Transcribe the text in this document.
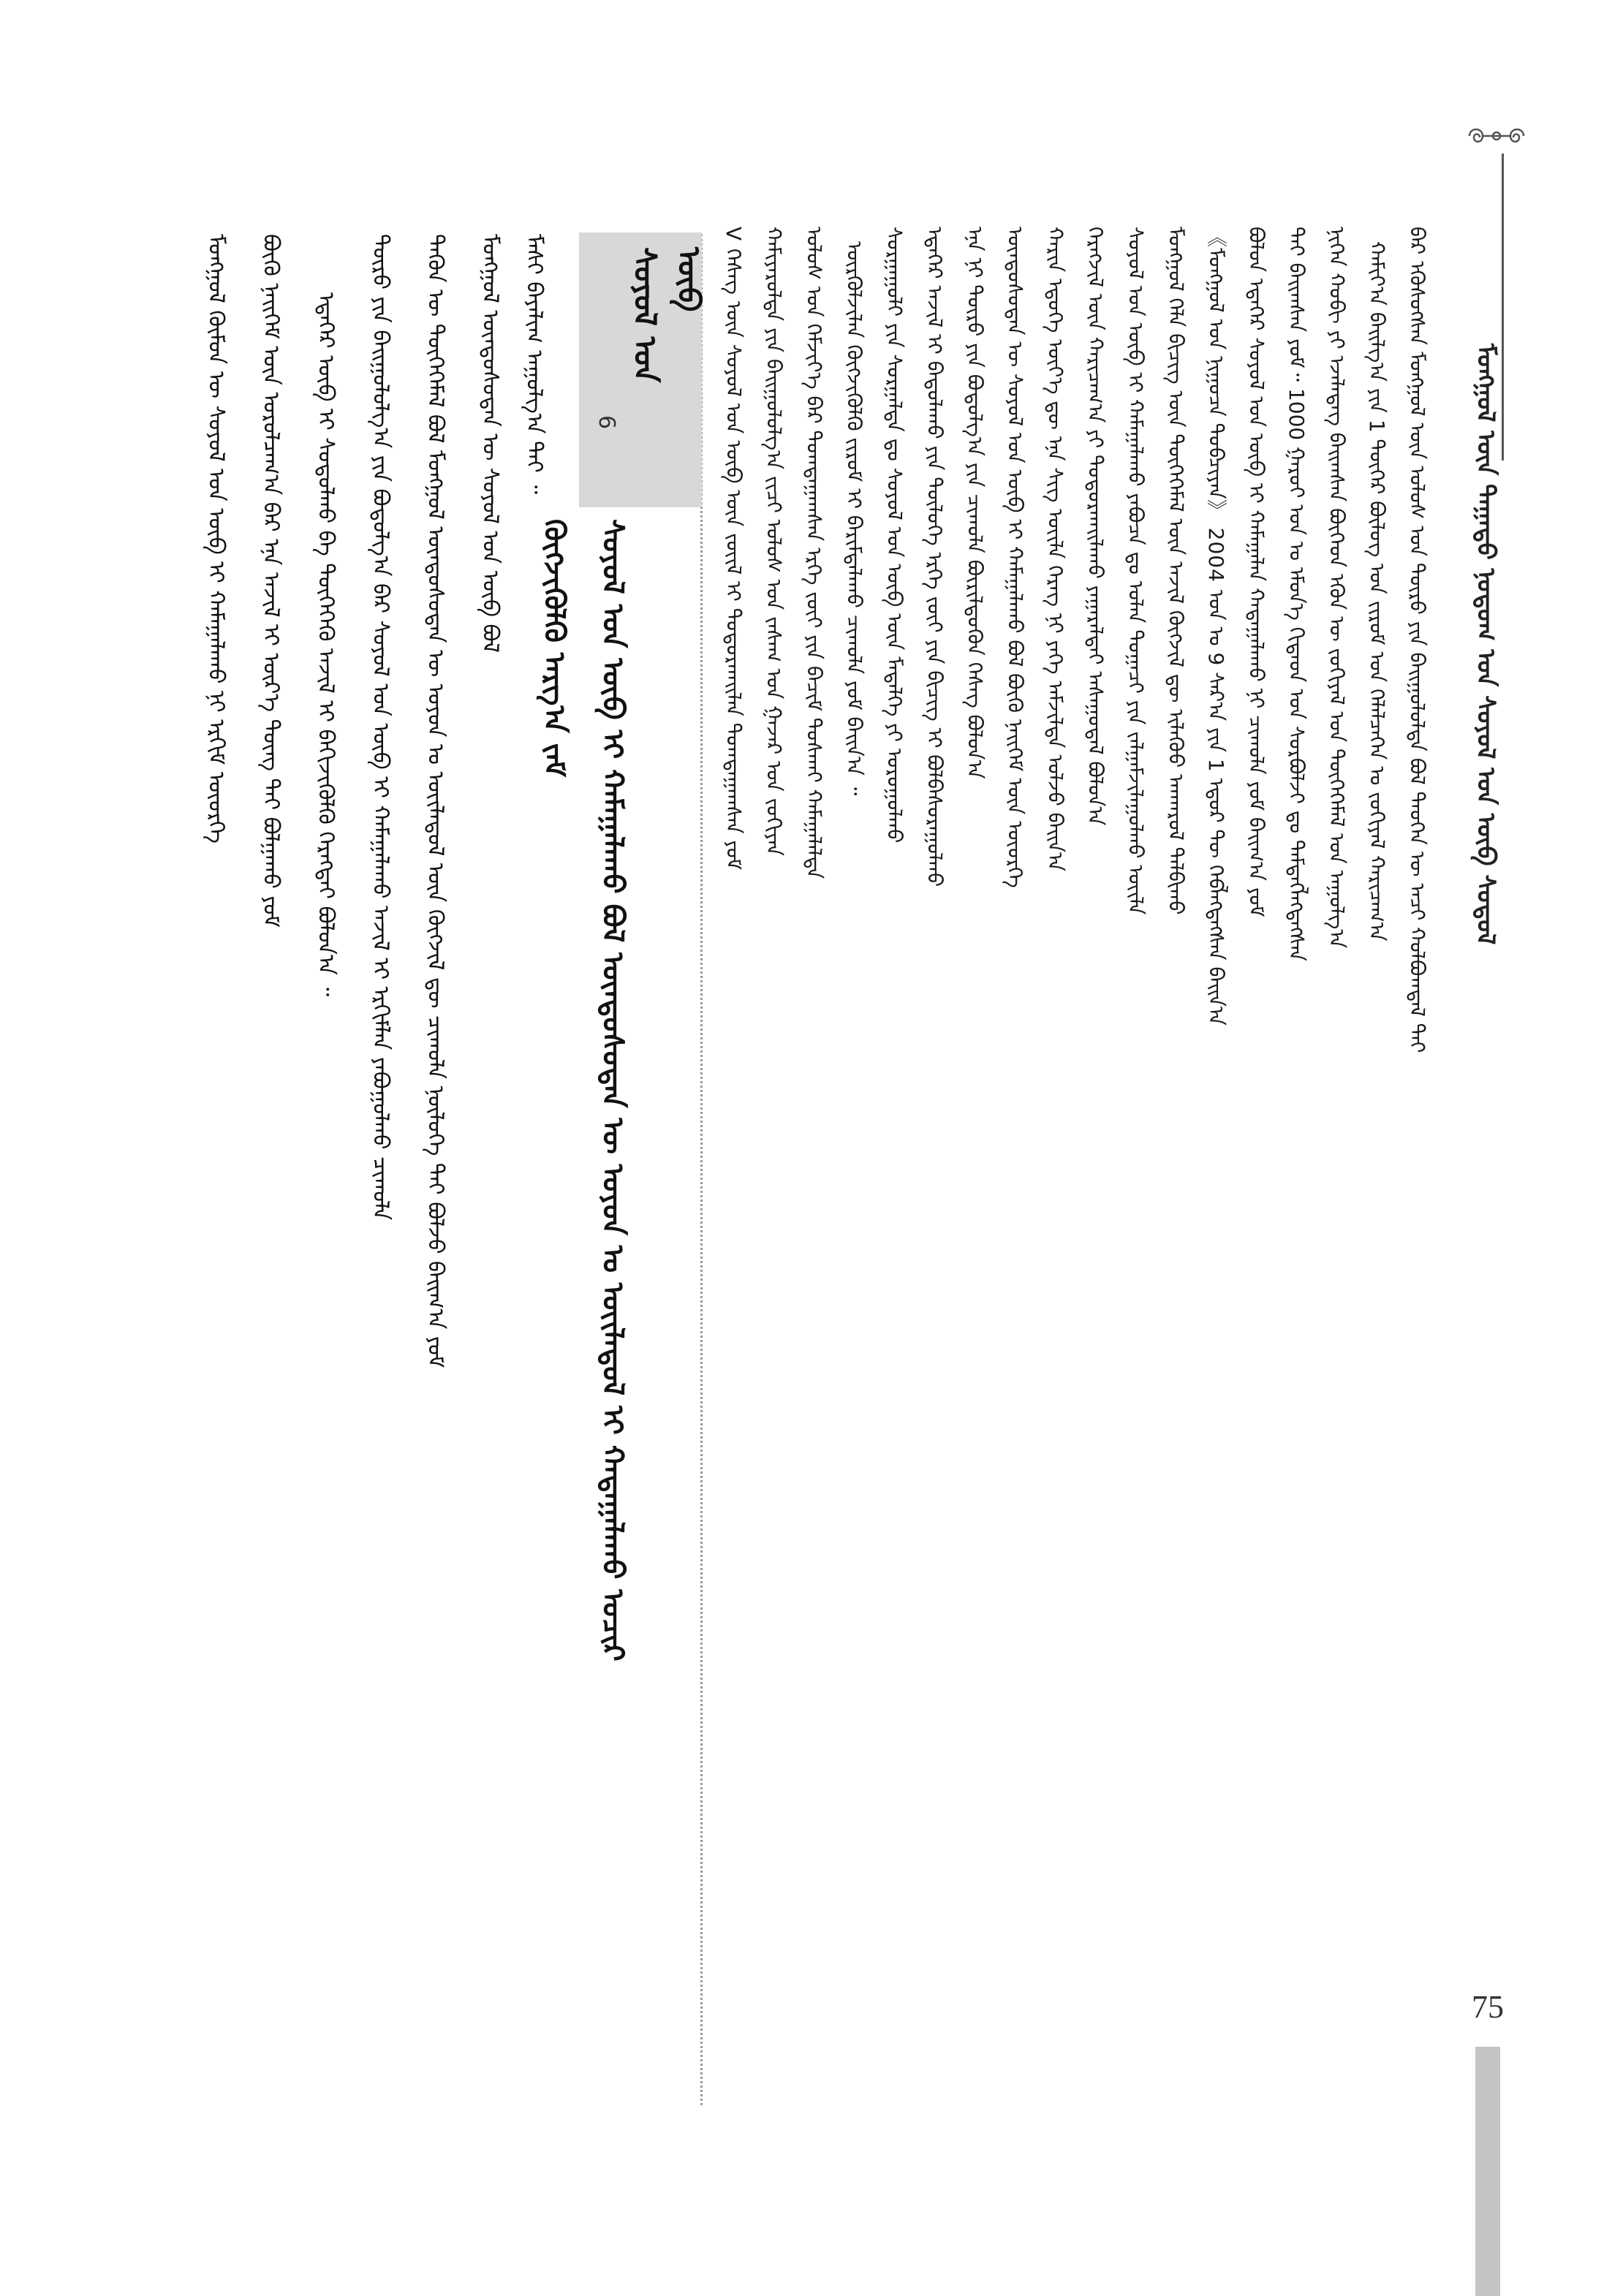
ᠮᠣᠩᠭᠣᠯ ᠦᠨ ᠲᠠᠭᠠᠳᠤ ᠨᠤᠲᠤᠭ ᠤᠨ ᠰᠣᠶᠣᠯ ᠤᠨ ᠦᠪ ᠰᠤᠳᠤᠯ
ᠪᠡᠷ ᠡᠭᠦᠰᠦᠭᠰᠡᠨ ᠮᠣᠩᠭᠣᠯ ᠦᠨ ᠤᠯᠤᠰ ᠤᠨ ᠲᠦᠷᠦ ᠶᠢᠨ ᠪᠠᠢᠭᠤᠯᠤᠯᠲᠠ ᠪᠣᠯ ᠲᠡᠦᠬᠡᠨ ᠦ ᠠᠴᠢ ᠬᠣᠯᠪᠣᠭᠳᠠᠯ ᠲᠠᠢ
ᠬᠠᠮᠢᠶ᠎ᠠ ᠪᠠᠢᠯᠭ᠎ᠠ ᠶᠢᠨ 1 ᠳᠦᠭᠡᠷ ᠪᠦᠯᠦᠭ ᠤᠨ ᠵᠢᠷᠤᠮ ᠤᠨ ᠬᠡᠯᠡᠯᠴᠡᠭᠡᠨ ᠤ ᠵᠣᠬᠢᠶᠠᠯ ᠬᠠᠷᠢᠴᠠᠭ᠎ᠠ
ᠨᠢᠭᠡᠨ ᠬᠤᠪᠢ ᠶᠢ ᠡᠵᠡᠯᠡᠳᠡᠭ ᠪᠠᠢᠭᠰᠠᠨ ᠪᠥᠭᠡᠳ ᠡᠭᠦᠨ ᠦ ᠵᠣᠬᠢᠶᠠᠯ ᠤᠨ ᠲᠦᠭᠡᠭᠡᠮᠡᠯ ᠤᠨ ᠠᠭᠤᠯᠭ᠎ᠠ
ᠲᠠᠢ ᠪᠠᠢᠭᠰᠠᠨ ᠶᠤᠮ᠃ 1000 ᠭᠠᠷᠤᠢ ᠣᠨ ᠤ ᠡᠮᠦᠨ᠎ᠡ ᠬᠢᠲᠠᠳ ᠤᠨ ᠰᠤᠷᠪᠤᠯᠵᠢ ᠳᠤ ᠲᠡᠮᠳᠡᠭᠯᠡᠭᠳᠡᠭᠰᠡᠨ
ᠪᠣᠯᠤᠨ ᠡᠳᠡᠭᠡᠷ ᠰᠣᠶᠣᠯ ᠤᠨ ᠦᠪ ᠢ ᠬᠠᠮᠠᠭᠠᠯᠠᠨ ᠬᠠᠳᠠᠭᠠᠯᠠᠬᠤ ᠨᠢ ᠴᠢᠬᠤᠯᠠ ᠶᠤᠮ ᠪᠠᠢᠭ᠎ᠠ ᠶᠤᠮ
《ᠮᠣᠩᠭᠣᠯ ᠤᠨ ᠨᠢᠭᠤᠴᠠ ᠲᠣᠪᠴᠢᠶᠠᠨ》 2004 ᠣᠨ ᠤ 9 ᠰᠠᠷ᠎ᠠ ᠶᠢᠨ 1 ᠡᠳᠦᠷ ᠲᠦ ᠬᠡᠪᠯᠡᠭᠳᠡᠭᠰᠡᠨ ᠪᠠᠢᠨ᠎ᠠ
ᠮᠣᠩᠭᠣᠯ ᠬᠡᠯᠡ ᠪᠢᠴᠢᠭ ᠦᠨ ᠲᠦᠭᠡᠭᠡᠮᠡᠯ ᠦᠨ ᠠᠵᠢᠯ ᠬᠥᠭᠵᠢᠯ ᠳᠦ ᠢᠯᠡᠭᠦᠦ ᠠᠨᠬᠠᠷᠤᠯ ᠲᠠᠯᠪᠢᠬᠤ
ᠰᠣᠶᠣᠯ ᠤᠨ ᠦᠪ ᠢ ᠬᠠᠮᠠᠭᠠᠯᠠᠬᠤ ᠶᠠᠪᠤᠴᠠ ᠳᠤ ᠣᠯᠠᠨ ᠲᠣᠭᠠᠴᠢ ᠶᠢᠨ ᠵᠠᠯᠭᠠᠮᠵᠢᠯᠠᠭᠤᠯᠬᠤ ᠦᠢᠯᠡ
ᠬᠡᠷᠡᠭᠵᠢᠯ ᠦᠨ ᠬᠠᠷᠢᠴᠠᠭ᠎ᠠ ᠶᠢ ᠲᠣᠳᠣᠷᠬᠠᠢᠯᠠᠬᠤ ᠶᠠᠭᠠᠷᠠᠯᠲᠠᠢ ᠠᠰᠠᠭᠤᠳᠠᠯ ᠪᠣᠯᠤᠨ᠎ᠠ
ᠬᠠᠷᠢᠨ ᠡᠳᠦᠭᠡ ᠦᠶ᠎ᠡ ᠳᠦ ᠡᠨᠡ ᠰᠢᠭ ᠦᠢᠯᠡ ᠬᠡᠷᠡᠭ ᠨᠢ ᠶᠡᠬᠡ ᠠᠮᠵᠢᠯᠲᠠ ᠣᠯᠵᠤ ᠪᠠᠢᠨ᠎ᠠ
ᠦᠨᠳᠦᠰᠦᠲᠡᠨ ᠦ ᠰᠣᠶᠣᠯ ᠤᠨ ᠦᠪ ᠢ ᠬᠠᠮᠠᠭᠠᠯᠠᠬᠤ ᠪᠣᠯ ᠪᠦᠬᠦ ᠨᠡᠢᠭᠡᠮ ᠦᠨ ᠦᠦᠷᠭᠡ
ᠡᠨᠡ ᠨᠢ ᠲᠥᠷᠦ ᠶᠢᠨ ᠪᠣᠳᠤᠯᠭ᠎ᠠ ᠶᠢᠨ ᠴᠢᠬᠤᠯᠠ ᠪᠦᠷᠢᠯᠳᠦᠬᠦᠨ ᠬᠡᠰᠡᠭ ᠪᠣᠯᠤᠨ᠎ᠠ
ᠡᠳᠡᠭᠡᠷ ᠠᠵᠢᠯ ᠢ ᠪᠠᠲᠤᠯᠠᠬᠤ ᠶᠢᠨ ᠲᠥᠯᠥᠭᠡ ᠡᠷᠬᠡ ᠵᠦᠢ ᠶᠢᠨ ᠪᠢᠴᠢᠭ ᠢ ᠪᠣᠯᠪᠠᠰᠤᠷᠠᠭᠤᠯᠬᠤ
ᠰᠤᠷᠭᠠᠭᠤᠯᠢ ᠶᠢᠨ ᠰᠤᠷᠭᠠᠯᠲᠠ ᠳᠤ ᠰᠣᠶᠣᠯ ᠤᠨ ᠦᠪ ᠦᠨ ᠮᠡᠳᠡᠯᠭᠡ ᠶᠢ ᠣᠷᠣᠭᠤᠯᠬᠤ
ᠦᠷᠭᠦᠯᠵᠢᠯᠡᠨ ᠬᠥᠭᠵᠢᠭᠦᠯᠬᠦ ᠵᠢᠷᠤᠮ ᠢ ᠪᠠᠷᠢᠮᠲᠠᠯᠠᠬᠤ ᠴᠢᠬᠤᠯᠠ ᠶᠤᠮ ᠪᠠᠢᠨ᠎ᠠ ᠃
ᠤᠯᠤᠰ ᠤᠨ ᠬᠡᠮᠵᠢᠶ᠎ᠡ ᠪᠡᠷ ᠲᠣᠭᠲᠠᠭᠠᠭᠰᠠᠨ ᠡᠷᠬᠡ ᠵᠦᠢ ᠶᠢᠨ ᠪᠠᠴᠢᠮ ᠲᠤᠰᠬᠠᠢ ᠬᠠᠮᠠᠭᠠᠯᠠᠯᠲᠠ
ᠬᠠᠮᠢᠶᠠᠷᠤᠯᠲᠠ ᠶᠢᠨ ᠪᠠᠢᠭᠤᠯᠤᠯᠭ᠎ᠠ ᠵᠢᠴᠢ ᠤᠯᠤᠰ ᠤᠨ ᠵᠠᠰᠠᠭ ᠤᠨ ᠭᠠᠵᠠᠷ ᠤᠨ ᠵᠣᠬᠢᠶᠠᠨ
V ᠬᠡᠰᠡᠭ ᠦᠨ ᠰᠣᠶᠣᠯ ᠤᠨ ᠦᠪ ᠦᠨ ᠵᠦᠢᠯ ᠢ ᠲᠣᠳᠣᠷᠬᠠᠢᠯᠠᠨ ᠲᠣᠭᠲᠠᠭᠠᠭᠰᠠᠨ ᠶᠤᠮ
ᠰᠣᠶᠣᠯ ᠤᠨ ᠦᠪ
6
ᠰᠣᠶᠣᠯ ᠤᠨ ᠦᠪ ᠢ ᠬᠠᠮᠠᠭᠠᠯᠠᠬᠤ ᠪᠣᠯ ᠦᠨᠳᠦᠰᠦᠲᠡᠨ ᠦ ᠣᠶᠤᠨ ᠤ ᠦᠢᠯᠡᠳᠦᠯ ᠢ ᠬᠠᠳᠠᠭᠠᠯᠠᠬᠤ ᠤᠴᠢᠷ
ᠬᠥᠭᠵᠢᠭᠦᠯᠬᠦ ᠠᠷᠭ᠎ᠠ ᠵᠠᠮ
ᠮᠣᠩᠭᠣᠯ ᠦᠨᠳᠦᠰᠦᠲᠡᠨ ᠦ ᠰᠣᠶᠣᠯ ᠤᠨ ᠦᠪ ᠪᠣᠯ ᠮᠠᠰᠢ ᠪᠠᠶᠠᠯᠢᠭ ᠠᠭᠤᠯᠭ᠎ᠠ ᠲᠠᠢ ᠃
ᠲᠡᠭᠦᠨ ᠦ ᠲᠦᠭᠡᠭᠡᠮᠡᠯ ᠪᠣᠯ ᠮᠣᠩᠭᠣᠯ ᠦᠨᠳᠦᠰᠦᠲᠡᠨ ᠦ ᠣᠶᠤᠨ ᠤ ᠦᠢᠯᠡᠳᠦᠯ ᠦᠨ ᠬᠥᠭᠵᠢᠯ ᠳᠦ ᠴᠢᠬᠤᠯᠠ ᠨᠥᠯᠥᠭᠡ ᠲᠠᠢ ᠪᠣᠯᠵᠤ ᠪᠠᠢᠭ᠎ᠠ ᠶᠤᠮ
ᠲᠥᠷᠦ ᠶᠢᠨ ᠪᠠᠢᠭᠤᠯᠤᠯᠭ᠎ᠠ ᠶᠢᠨ ᠪᠣᠳᠤᠯᠭ᠎ᠠ ᠪᠡᠷ ᠰᠣᠶᠣᠯ ᠤᠨ ᠦᠪ ᠢ ᠬᠠᠮᠠᠭᠠᠯᠠᠬᠤ ᠠᠵᠢᠯ ᠢ ᠡᠷᠬᠢᠮᠯᠡᠨ ᠶᠠᠪᠤᠭᠤᠯᠬᠤ ᠴᠢᠬᠤᠯᠠ
ᠡᠳᠡᠭᠡᠷ ᠦᠪ ᠢ ᠰᠤᠳᠤᠯᠬᠤ ᠪᠠ ᠲᠦᠭᠡᠭᠡᠬᠦ ᠠᠵᠢᠯ ᠢ ᠪᠡᠬᠢᠵᠢᠭᠦᠯᠬᠦ ᠬᠡᠷᠡᠭᠲᠡᠢ ᠪᠣᠯᠤᠨ᠎ᠠ ᠃
ᠪᠦᠬᠦ ᠨᠡᠢᠭᠡᠮ ᠦᠨ ᠣᠷᠣᠯᠴᠠᠭ᠎ᠠ ᠪᠡᠷ ᠡᠨᠡ ᠠᠵᠢᠯ ᠢ ᠦᠷ᠎ᠡ ᠳᠦᠩ ᠲᠠᠢ ᠪᠣᠯᠭᠠᠬᠤ ᠶᠤᠮ
ᠮᠣᠩᠭᠣᠯ ᠬᠦᠮᠦᠨ ᠦ ᠰᠣᠶᠣᠯ ᠤᠨ ᠦᠪ ᠢ ᠬᠠᠮᠠᠭᠠᠯᠠᠬᠤ ᠨᠢ ᠡᠷᠬᠢᠮ ᠦᠦᠷᠭᠡ
75
